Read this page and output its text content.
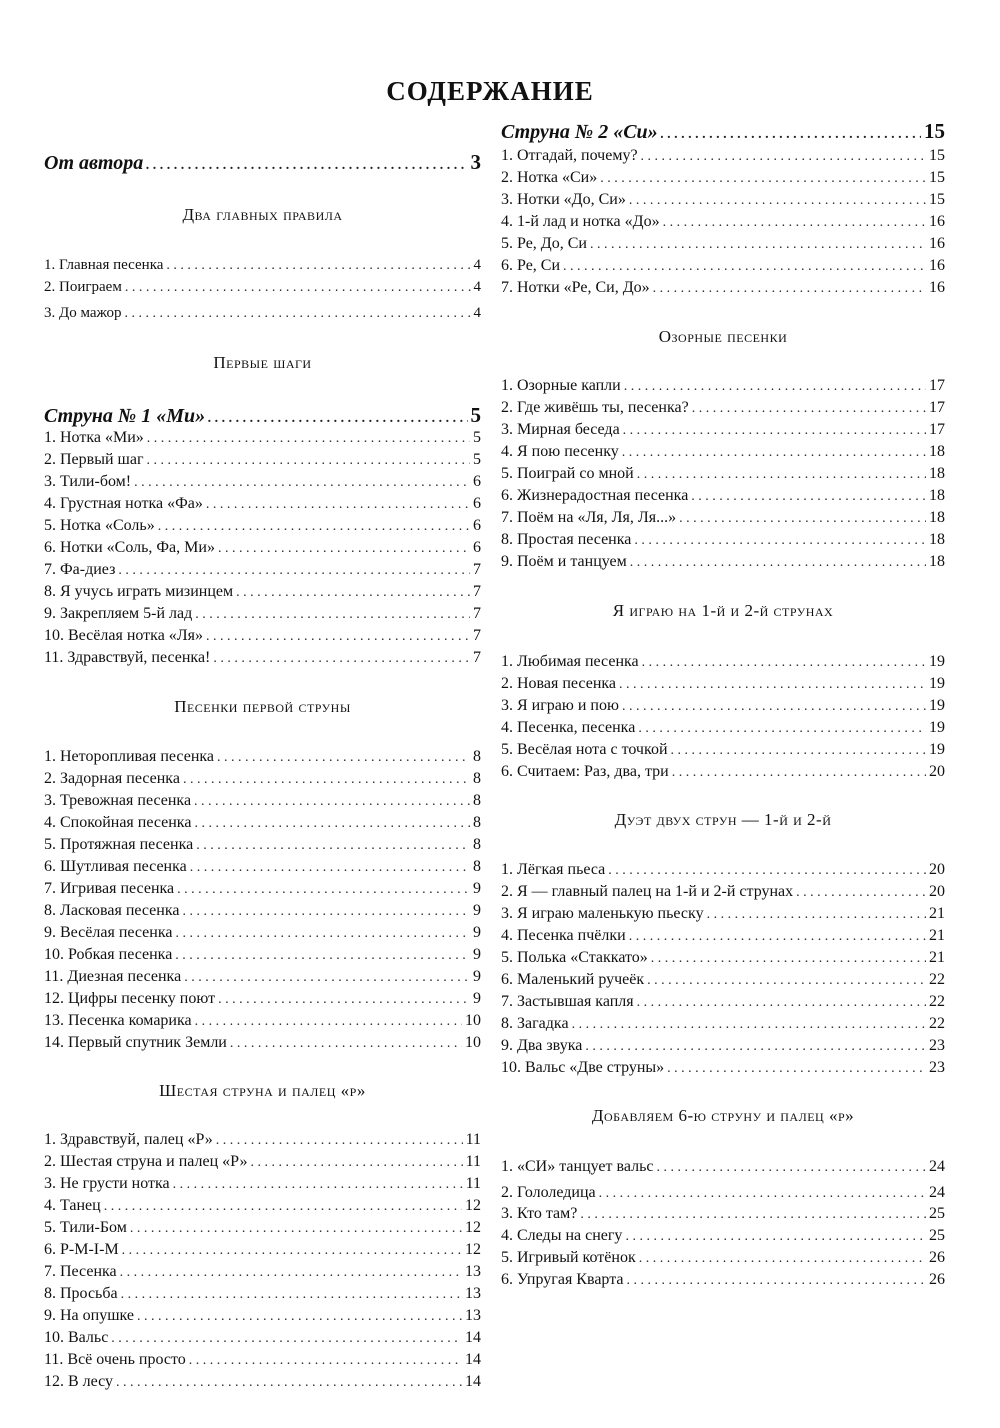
СОДЕРЖАНИЕ
От автора . . .	3
Два главных правила
1. Главная песенка . . .	4
2. Поиграем . . .	4
3. До мажор . . .	4
Первые шаги
Струна № 1 «Ми» . . .	5
1. Нотка «Ми» . . .	5
2. Первый шаг . . .	5
3. Тили-бом! . . .	6
4. Грустная нотка «Фа» . . .	6
5. Нотка «Соль» . . .	6
6. Нотки «Соль, Фа, Ми» . . .	6
7. Фа-диез . . .	7
8. Я учусь играть мизинцем . . .	7
9. Закрепляем 5-й лад . . .	7
10. Весёлая нотка «Ля» . . .	7
11. Здравствуй, песенка! . . .	7
Песенки первой струны
1. Неторопливая песенка . . .	8
2. Задорная песенка . . .	8
3. Тревожная песенка . . .	8
4. Спокойная песенка . . .	8
5. Протяжная песенка . . .	8
6. Шутливая песенка . . .	8
7. Игривая песенка . . .	9
8. Ласковая песенка . . .	9
9. Весёлая песенка . . .	9
10. Робкая песенка . . .	9
11. Диезная песенка . . .	9
12. Цифры песенку поют . . .	9
13. Песенка комарика . . .	10
14. Первый спутник Земли . . .	10
Шестая струна и палец «р»
1. Здравствуй, палец «Р» . . .	11
2. Шестая струна и палец «Р» . . .	11
3. Не грусти нотка . . .	11
4. Танец . . .	12
5. Тили-Бом . . .	12
6. P-M-I-M . . .	12
7. Песенка . . .	13
8. Просьба . . .	13
9. На опушке . . .	13
10. Вальс . . .	14
11. Всё очень просто . . .	14
12. В лесу . . .	14
Струна № 2 «Си» . . .	15
1. Отгадай, почему? . . .	15
2. Нотка «Си» . . .	15
3. Нотки «До, Си» . . .	15
4. 1-й лад и нотка «До» . . .	16
5. Ре, До, Си . . .	16
6. Ре, Си . . .	16
7. Нотки «Ре, Си, До» . . .	16
Озорные песенки
1. Озорные капли . . .	17
2. Где живёшь ты, песенка? . . .	17
3. Мирная беседа . . .	17
4. Я пою песенку . . .	18
5. Поиграй со мной . . .	18
6. Жизнерадостная песенка . . .	18
7. Поём на «Ля, Ля, Ля...» . . .	18
8. Простая песенка . . .	18
9. Поём и танцуем . . .	18
Я играю на 1-й и 2-й струнах
1. Любимая песенка . . .	19
2. Новая песенка . . .	19
3. Я играю и пою . . .	19
4. Песенка, песенка . . .	19
5. Весёлая нота с точкой . . .	19
6. Считаем: Раз, два, три . . .	20
Дуэт двух струн — 1-й и 2-й
1. Лёгкая пьеса . . .	20
2. Я — главный палец на 1-й и 2-й струнах . . .	20
3. Я играю маленькую пьеску . . .	21
4. Песенка пчёлки . . .	21
5. Полька «Стаккато» . . .	21
6. Маленький ручеёк . . .	22
7. Застывшая капля . . .	22
8. Загадка . . .	22
9. Два звука . . .	23
10. Вальс «Две струны» . . .	23
Добавляем 6-ю струну и палец «р»
1. «СИ» танцует вальс . . .	24
2. Гололедица . . .	24
3. Кто там? . . .	25
4. Следы на снегу . . .	25
5. Игривый котёнок . . .	26
6. Упругая Кварта . . .	26
